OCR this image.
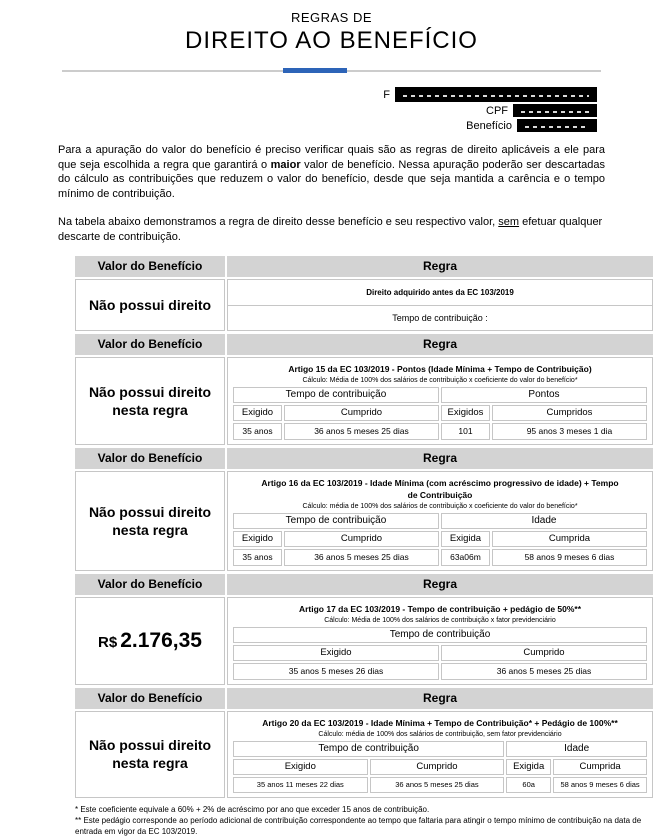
REGRAS DE
DIREITO AO BENEFÍCIO
F
CPF
Benefício

Para a apuração do valor do benefício é preciso verificar quais são as regras de direito aplicáveis a ele para que seja escolhida a regra que garantirá o maior valor de benefício. Nessa apuração poderão ser descartadas do cálculo as contribuições que reduzem o valor do benefício, desde que seja mantida a carência e o tempo mínimo de contribuição.

Na tabela abaixo demonstramos a regra de direito desse benefício e seu respectivo valor, sem efetuar qualquer descarte de contribuição.

Valor do Benefício	Regra
Não possui direito
Direito adquirido antes da EC 103/2019
Tempo de contribuição :
Valor do Benefício	Regra
Não possui direito nesta regra
Artigo 15 da EC 103/2019 - Pontos (Idade Mínima + Tempo de Contribuição)
Cálculo: Média de 100% dos salários de contribuição x coeficiente do valor do benefício*
Tempo de contribuição		Pontos	
Exigido	Cumprido	Exigidos	Cumpridos
35 anos	36 anos 5 meses 25 dias	101	95 anos 3 meses 1 dia
Valor do Benefício	Regra
Não possui direito nesta regra
Artigo 16 da EC 103/2019 - Idade Mínima (com acréscimo progressivo de idade) + Tempo de Contribuição
Cálculo: média de 100% dos salários de contribuição x coeficiente do valor do benefício*
Tempo de contribuição		Idade	
Exigido	Cumprido	Exigida	Cumprida
35 anos	36 anos 5 meses 25 dias	63a06m	58 anos 9 meses 6 dias
Valor do Benefício	Regra
R$ 2.176,35
Artigo 17 da EC 103/2019 - Tempo de contribuição + pedágio de 50%**
Cálculo: Média de 100% dos salários de contribuição x fator previdenciário
Tempo de contribuição	
Exigido	Cumprido
35 anos 5 meses 26 dias	36 anos 5 meses 25 dias
Valor do Benefício	Regra
Não possui direito nesta regra
Artigo 20 da EC 103/2019 - Idade Mínima + Tempo de Contribuição* + Pedágio de 100%**
Cálculo: média de 100% dos salários de contribuição, sem fator previdenciário
Tempo de contribuição		Idade	
Exigido	Cumprido	Exigida	Cumprida
35 anos 11 meses 22 dias	36 anos 5 meses 25 dias	60a	58 anos 9 meses 6 dias
* Este coeficiente equivale a 60% + 2% de acréscimo por ano que exceder 15 anos de contribuição.
** Este pedágio corresponde ao período adicional de contribuição correspondente ao tempo que faltaria para atingir o tempo mínimo de contribuição na data de entrada em vigor da EC 103/2019.
